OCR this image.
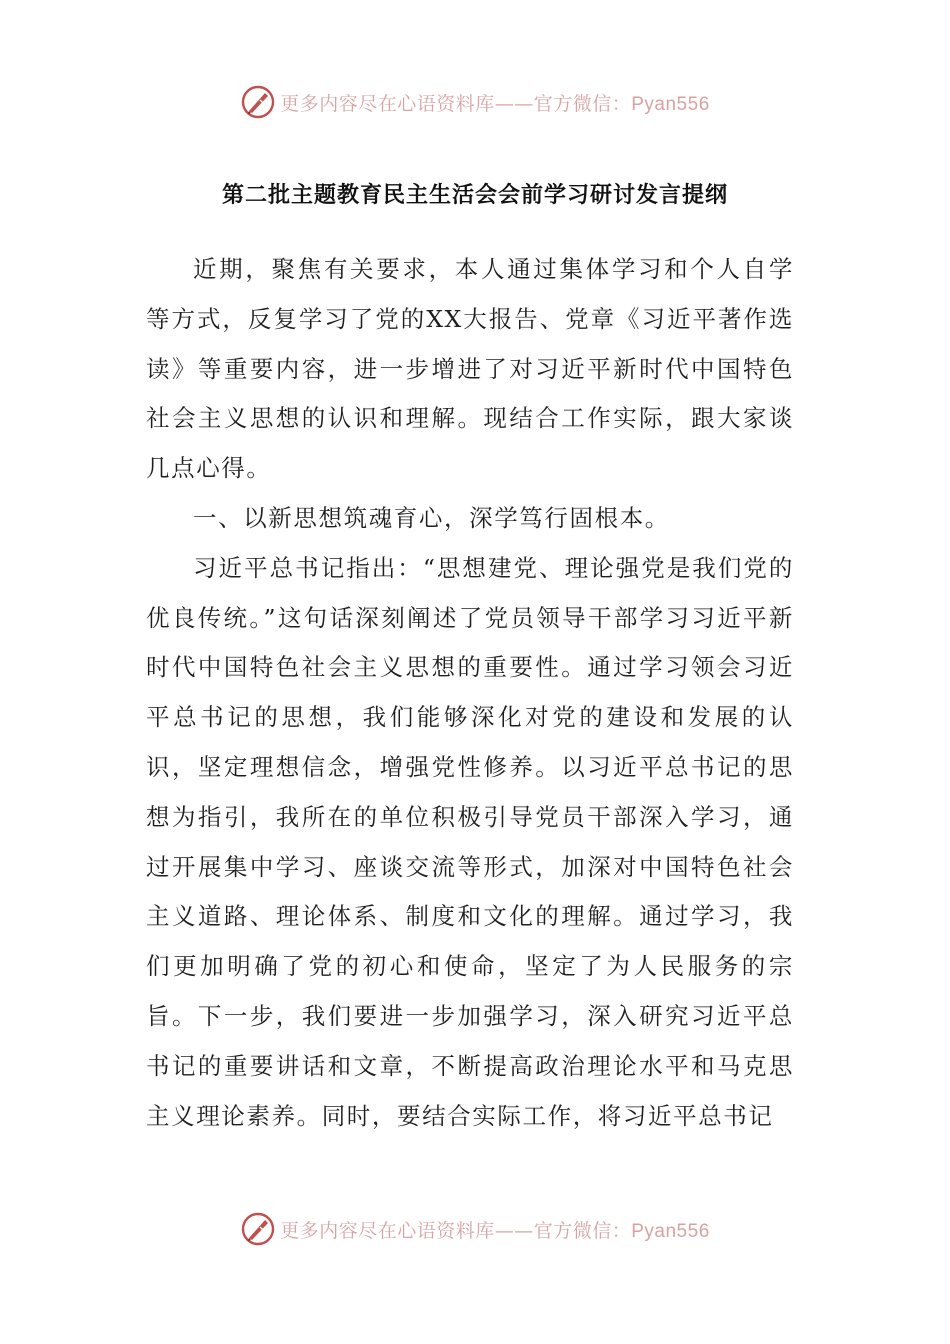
更多内容尽在心语资料库——官方微信：Pyan556
第二批主题教育民主生活会会前学习研讨发言提纲

近期，聚焦有关要求，本人通过集体学习和个人自学等方式，反复学习了党的XX大报告、党章《习近平著作选读》等重要内容，进一步增进了对习近平新时代中国特色社会主义思想的认识和理解。现结合工作实际，跟大家谈几点心得。

一、以新思想筑魂育心，深学笃行固根本。

习近平总书记指出：“思想建党、理论强党是我们党的优良传统。”这句话深刻阐述了党员领导干部学习习近平新时代中国特色社会主义思想的重要性。通过学习领会习近平总书记的思想，我们能够深化对党的建设和发展的认识，坚定理想信念，增强党性修养。以习近平总书记的思想为指引，我所在的单位积极引导党员干部深入学习，通过开展集中学习、座谈交流等形式，加深对中国特色社会主义道路、理论体系、制度和文化的理解。通过学习，我们更加明确了党的初心和使命，坚定了为人民服务的宗旨。下一步，我们要进一步加强学习，深入研究习近平总书记的重要讲话和文章，不断提高政治理论水平和马克思主义理论素养。同时，要结合实际工作，将习近平总书记

更多内容尽在心语资料库——官方微信：Pyan556
